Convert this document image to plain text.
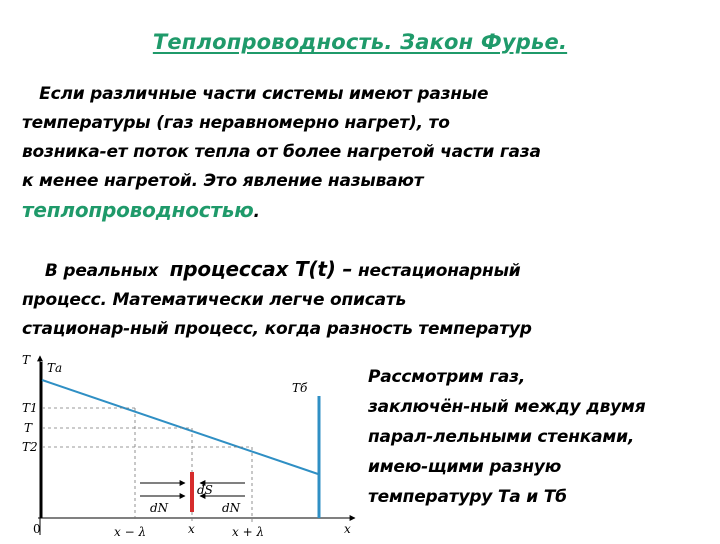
Теплопроводность. Закон Фурье.
Если различные части системы имеют разные
температуры (газ неравномерно нагрет), то
возника-ет поток тепла от более нагретой части газа
к менее нагретой. Это явление называют
теплопроводностью.
В реальных процессах T(t) – нестационарный
процесс. Математически легче описать
стационар-ный процесс, когда разность температур
T
x
0
Tа
Tб
T1
T
T2
dN
dS
dN
x − λ	x	x + λ
Рассмотрим газ,
заключён-ный между двумя
парал-лельными стенками,
имею-щими разную
температуру Та и Тб
